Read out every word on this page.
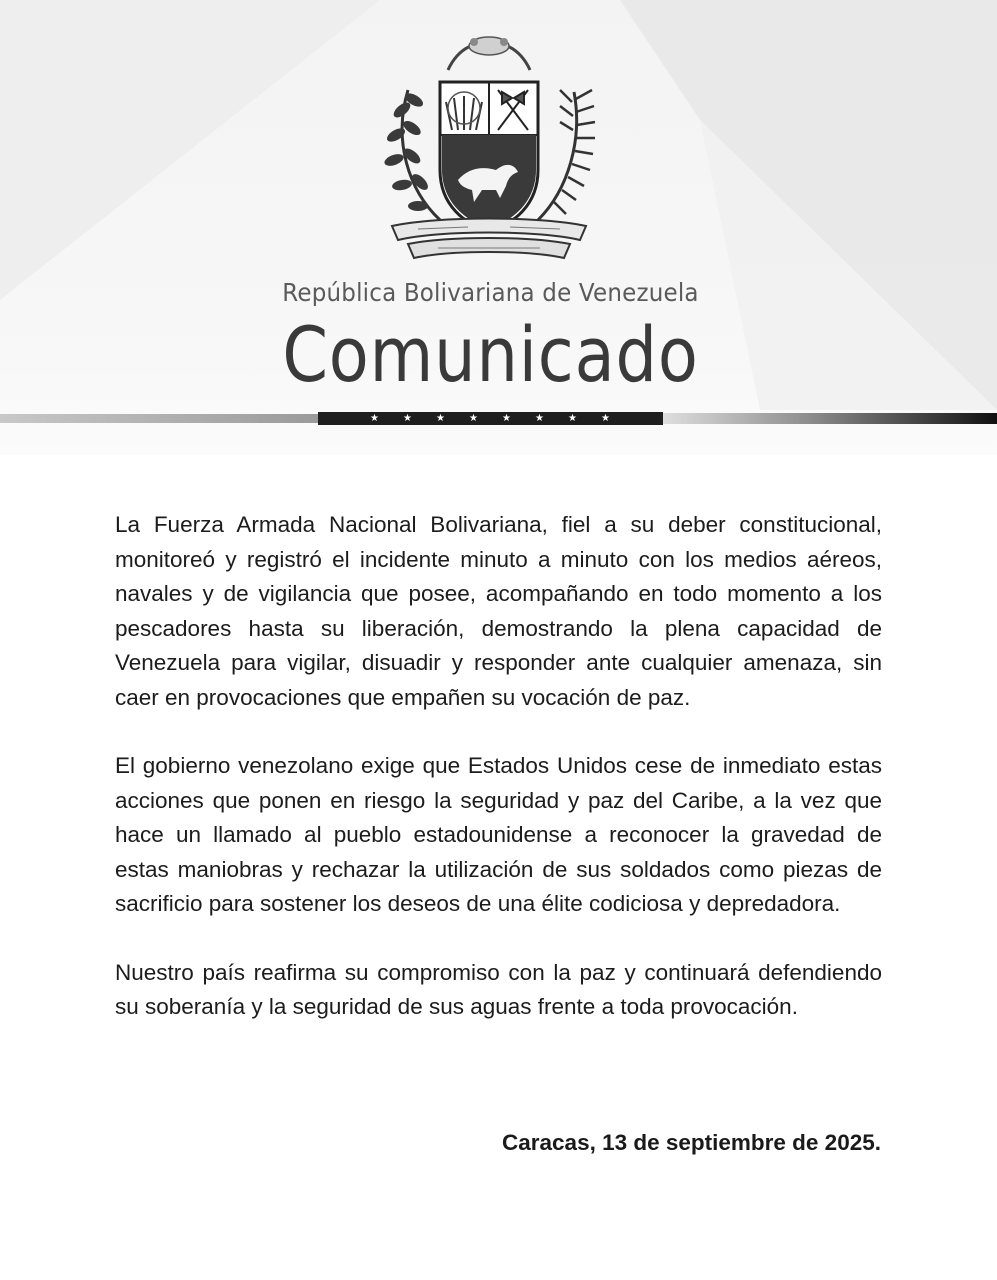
República Bolivariana de Venezuela
Comunicado
★ ★ ★ ★ ★ ★ ★ ★

La Fuerza Armada Nacional Bolivariana, fiel a su deber constitucional, monitoreó y registró el incidente minuto a minuto con los medios aéreos, navales y de vigilancia que posee, acompañando en todo momento a los pescadores hasta su liberación, demostrando la plena capacidad de Venezuela para vigilar, disuadir y responder ante cualquier amenaza, sin caer en provocaciones que empañen su vocación de paz.

El gobierno venezolano exige que Estados Unidos cese de inmediato estas acciones que ponen en riesgo la seguridad y paz del Caribe, a la vez que hace un llamado al pueblo estadounidense a reconocer la gravedad de estas maniobras y rechazar la utilización de sus soldados como piezas de sacrificio para sostener los deseos de una élite codiciosa y depredadora.

Nuestro país reafirma su compromiso con la paz y continuará defendiendo su soberanía y la seguridad de sus aguas frente a toda provocación.

Caracas, 13 de septiembre de 2025.
